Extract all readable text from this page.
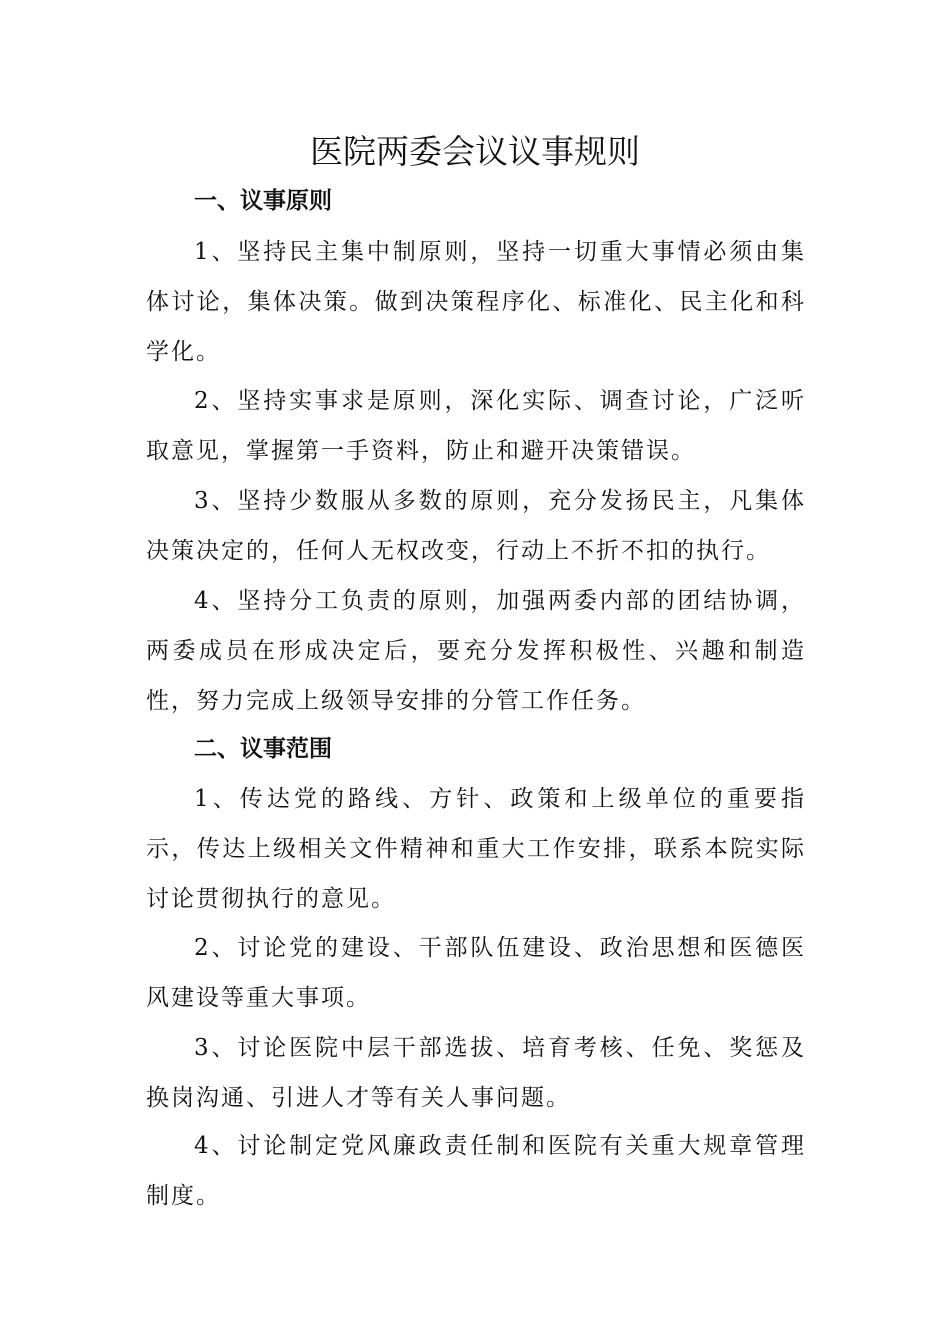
医院两委会议议事规则
一、议事原则

1、坚持民主集中制原则，坚持一切重大事情必须由集体讨论，集体决策。做到决策程序化、标准化、民主化和科学化。

2、坚持实事求是原则，深化实际、调查讨论，广泛听取意见，掌握第一手资料，防止和避开决策错误。

3、坚持少数服从多数的原则，充分发扬民主，凡集体决策决定的，任何人无权改变，行动上不折不扣的执行。

4、坚持分工负责的原则，加强两委内部的团结协调，两委成员在形成决定后，要充分发挥积极性、兴趣和制造性，努力完成上级领导安排的分管工作任务。

二、议事范围

1、传达党的路线、方针、政策和上级单位的重要指示，传达上级相关文件精神和重大工作安排，联系本院实际讨论贯彻执行的意见。

2、讨论党的建设、干部队伍建设、政治思想和医德医风建设等重大事项。

3、讨论医院中层干部选拔、培育考核、任免、奖惩及换岗沟通、引进人才等有关人事问题。

4、讨论制定党风廉政责任制和医院有关重大规章管理制度。
